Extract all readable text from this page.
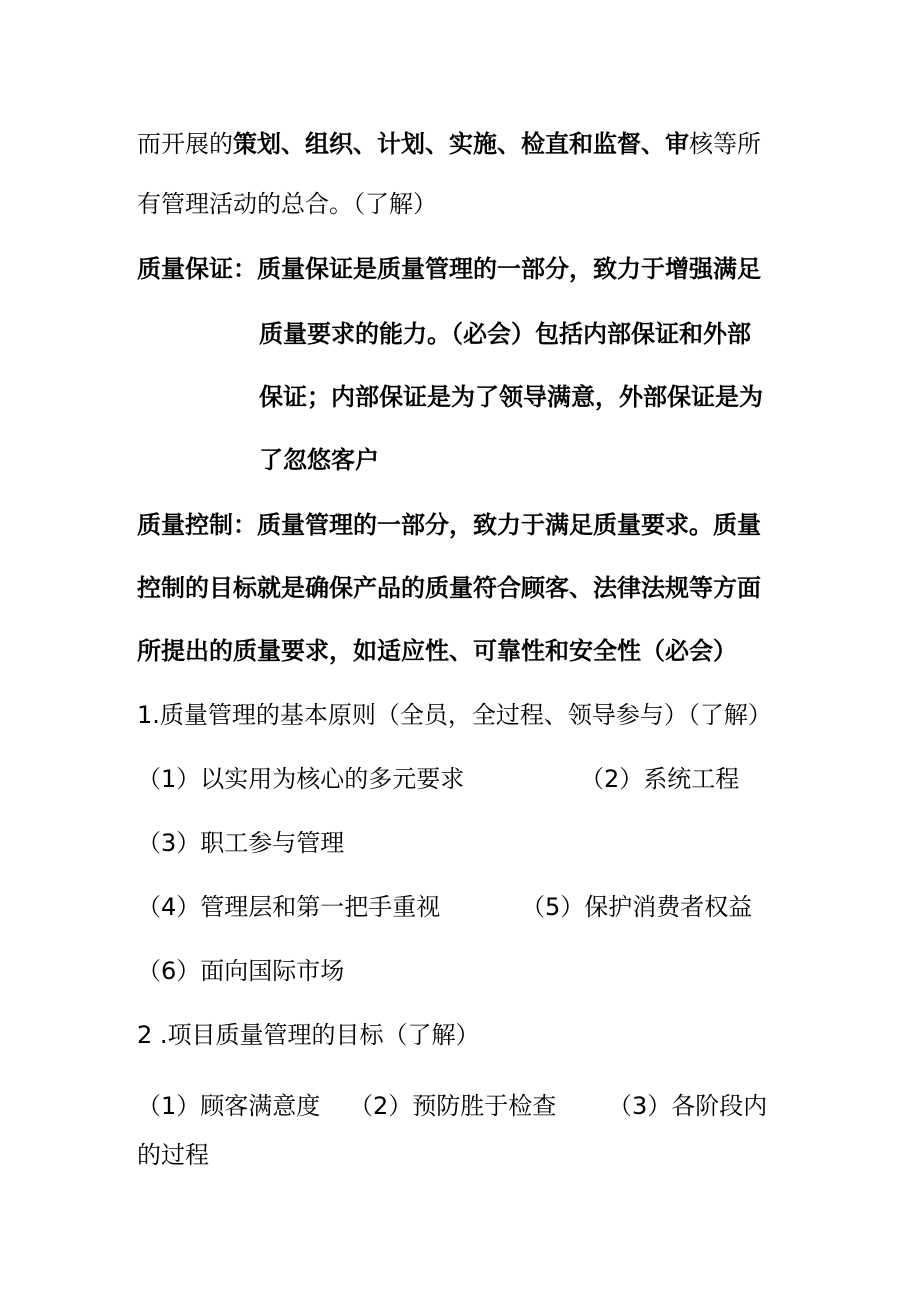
而开展的策划、组织、计划、实施、检直和监督、审核等所
有管理活动的总合。（了解）
质量保证：质量保证是质量管理的一部分，致力于增强满足
质量要求的能力。（必会）包括内部保证和外部
保证；内部保证是为了领导满意，外部保证是为
了忽悠客户
质量控制：质量管理的一部分，致力于满足质量要求。质量
控制的目标就是确保产品的质量符合顾客、法律法规等方面
所提出的质量要求，如适应性、可靠性和安全性（必会）
1.质量管理的基本原则（全员，全过程、领导参与）（了解）
（1）以实用为核心的多元要求	（2）系统工程
（3）职工参与管理
（4）管理层和第一把手重视	（5）保护消费者权益
（6）面向国际市场
2 .项目质量管理的目标（了解）
（1）顾客满意度 （2）预防胜于检查 （3）各阶段内
的过程
